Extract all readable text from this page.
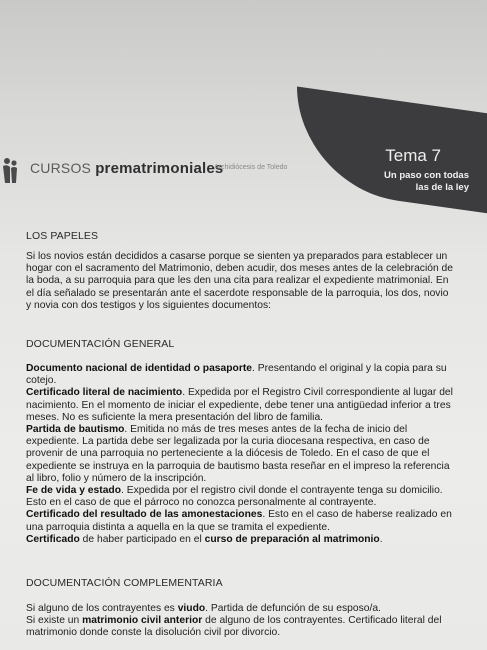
Tema 7
Un paso con todas
las de la ley
CURSOS prematrimoniales
Archidiócesis de Toledo
LOS PAPELES
Si los novios están decididos a casarse porque se sienten ya preparados para establecer un hogar con el sacramento del Matrimonio, deben acudir, dos meses antes de la celebración de la boda, a su parroquia para que les den una cita para realizar el expediente matrimonial. En el día señalado se presentarán ante el sacerdote responsable de la parroquia, los dos, novio y novia con dos testigos y los siguientes documentos:
DOCUMENTACIÓN GENERAL
Documento nacional de identidad o pasaporte. Presentando el original y la copia para su cotejo.
Certificado literal de nacimiento. Expedida por el Registro Civil correspondiente al lugar del nacimiento. En el momento de iniciar el expediente, debe tener una antigüedad inferior a tres meses. No es suficiente la mera presentación del libro de familia.
Partida de bautismo. Emitida no más de tres meses antes de la fecha de inicio del expediente. La partida debe ser legalizada por la curia diocesana respectiva, en caso de provenir de una parroquia no perteneciente a la diócesis de Toledo. En el caso de que el expediente se instruya en la parroquia de bautismo basta reseñar en el impreso la referencia al libro, folio y número de la inscripción.
Fe de vida y estado. Expedida por el registro civil donde el contrayente tenga su domicilio. Esto en el caso de que el párroco no conozca personalmente al contrayente.
Certificado del resultado de las amonestaciones. Esto en el caso de haberse realizado en una parroquia distinta a aquella en la que se tramita el expediente.
Certificado de haber participado en el curso de preparación al matrimonio.
DOCUMENTACIÓN COMPLEMENTARIA
Si alguno de los contrayentes es viudo. Partida de defunción de su esposo/a.
Si existe un matrimonio civil anterior de alguno de los contrayentes. Certificado literal del matrimonio donde conste la disolución civil por divorcio.
